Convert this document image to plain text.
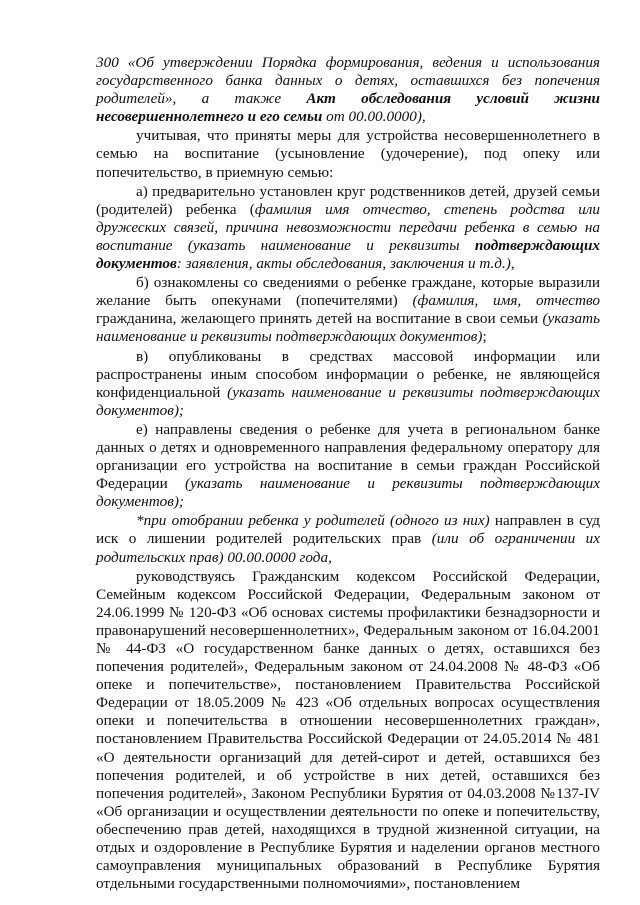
300 «Об утверждении Порядка формирования, ведения и использования государственного банка данных о детях, оставшихся без попечения родителей», а также Акт обследования условий жизни несовершеннолетнего и его семьи от 00.00.0000),

учитывая, что приняты меры для устройства несовершеннолетнего в семью на воспитание (усыновление (удочерение), под опеку или попечительство, в приемную семью:

а) предварительно установлен круг родственников детей, друзей семьи (родителей) ребенка (фамилия имя отчество, степень родства или дружеских связей, причина невозможности передачи ребенка в семью на воспитание (указать наименование и реквизиты подтверждающих документов: заявления, акты обследования, заключения и т.д.),

б) ознакомлены со сведениями о ребенке граждане, которые выразили желание быть опекунами (попечителями) (фамилия, имя, отчество гражданина, желающего принять детей на воспитание в свои семьи (указать наименование и реквизиты подтверждающих документов);

в) опубликованы в средствах массовой информации или распространены иным способом информации о ребенке, не являющейся конфиденциальной (указать наименование и реквизиты подтверждающих документов);

е) направлены сведения о ребенке для учета в региональном банке данных о детях и одновременного направления федеральному оператору для организации его устройства на воспитание в семьи граждан Российской Федерации (указать наименование и реквизиты подтверждающих документов);

*при отобрании ребенка у родителей (одного из них) направлен в суд иск о лишении родителей родительских прав (или об ограничении их родительских прав) 00.00.0000 года,

руководствуясь Гражданским кодексом Российской Федерации, Семейным кодексом Российской Федерации, Федеральным законом от 24.06.1999 № 120-ФЗ «Об основах системы профилактики безнадзорности и правонарушений несовершеннолетних», Федеральным законом от 16.04.2001 № 44-ФЗ «О государственном банке данных о детях, оставшихся без попечения родителей», Федеральным законом от 24.04.2008 № 48-ФЗ «Об опеке и попечительстве», постановлением Правительства Российской Федерации от 18.05.2009 № 423 «Об отдельных вопросах осуществления опеки и попечительства в отношении несовершеннолетних граждан», постановлением Правительства Российской Федерации от 24.05.2014 № 481 «О деятельности организаций для детей-сирот и детей, оставшихся без попечения родителей, и об устройстве в них детей, оставшихся без попечения родителей», Законом Республики Бурятия от 04.03.2008 №137-IV «Об организации и осуществлении деятельности по опеке и попечительству, обеспечению прав детей, находящихся в трудной жизненной ситуации, на отдых и оздоровление в Республике Бурятия и наделении органов местного самоуправления муниципальных образований в Республике Бурятия отдельными государственными полномочиями», постановлением
